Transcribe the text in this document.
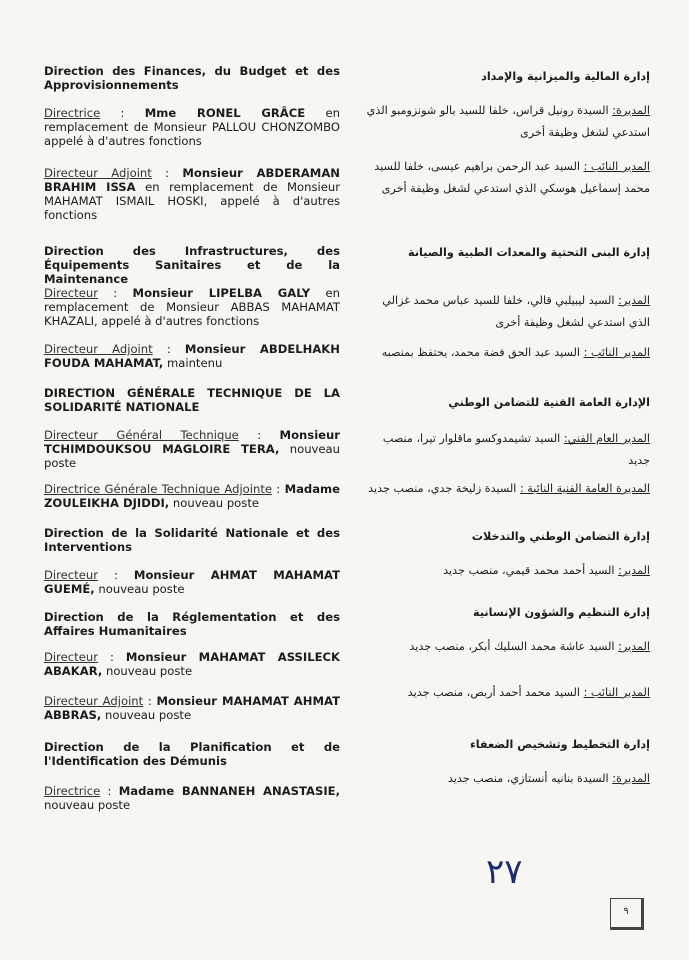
Direction des Finances, du Budget et des Approvisionnements
Directrice : Mme RONEL GRÂCE en remplacement de Monsieur PALLOU CHONZOMBO appelé à d'autres fonctions
Directeur Adjoint : Monsieur ABDERAMAN BRAHIM ISSA en remplacement de Monsieur MAHAMAT ISMAIL HOSKI, appelé à d'autres fonctions
Direction des Infrastructures, des Équipements Sanitaires et de la Maintenance
Directeur : Monsieur LIPELBA GALY en remplacement de Monsieur ABBAS MAHAMAT KHAZALI, appelé à d'autres fonctions
Directeur Adjoint : Monsieur ABDELHAKH FOUDA MAHAMAT, maintenu
DIRECTION GÉNÉRALE TECHNIQUE DE LA SOLIDARITÉ NATIONALE
Directeur Général Technique : Monsieur TCHIMDOUKSOU MAGLOIRE TERA, nouveau poste
Directrice Générale Technique Adjointe : Madame ZOULEIKHA DJIDDI, nouveau poste
Direction de la Solidarité Nationale et des Interventions
Directeur : Monsieur AHMAT MAHAMAT GUEMÉ, nouveau poste
Direction de la Réglementation et des Affaires Humanitaires
Directeur : Monsieur MAHAMAT ASSILECK ABAKAR, nouveau poste
Directeur Adjoint : Monsieur MAHAMAT AHMAT ABBRAS, nouveau poste
Direction de la Planification et de l'Identification des Démunis
Directrice : Madame BANNANEH ANASTASIE, nouveau poste
إدارة المالية والميزانية والإمداد
المديرة: السيدة رونيل قراس، خلفا للسيد بالو شونزومبو الذي استدعي لشغل وظيفة أخرى
المدير النائب : السيد عبد الرحمن براهيم عيسى، خلفا للسيد محمد إسماعيل هوسكي الذي استدعي لشغل وظيفة أخرى
إدارة البنى التحتية والمعدات الطبية والصيانة
المدير: السيد ليبيلبي قالي، خلفا للسيد عباس محمد غزالي الذي استدعي لشغل وظيفة أخرى
المدير النائب : السيد عبد الحق فضة محمد، يحتفظ بمنصبه
الإدارة العامة الفنية للتضامن الوطني
المدير العام الفني: السيد تشيمدوكسو ماقلوار تيرا، منصب جديد
المديرة العامة الفنية النائبة : السيدة زليخة جدي، منصب جديد
إدارة التضامن الوطني والتدخلات
المدير: السيد أحمد محمد قيمي، منصب جديد
إدارة التنظيم والشؤون الإنسانية
المدير: السيد عاشة محمد السليك أبكر، منصب جديد
المدير النائب : السيد محمد أحمد أربص، منصب جديد
إدارة التخطيط وتشخيص الضعفاء
المديرة: السيدة بنانيه أنستازي، منصب جديد
٢٧
٩
